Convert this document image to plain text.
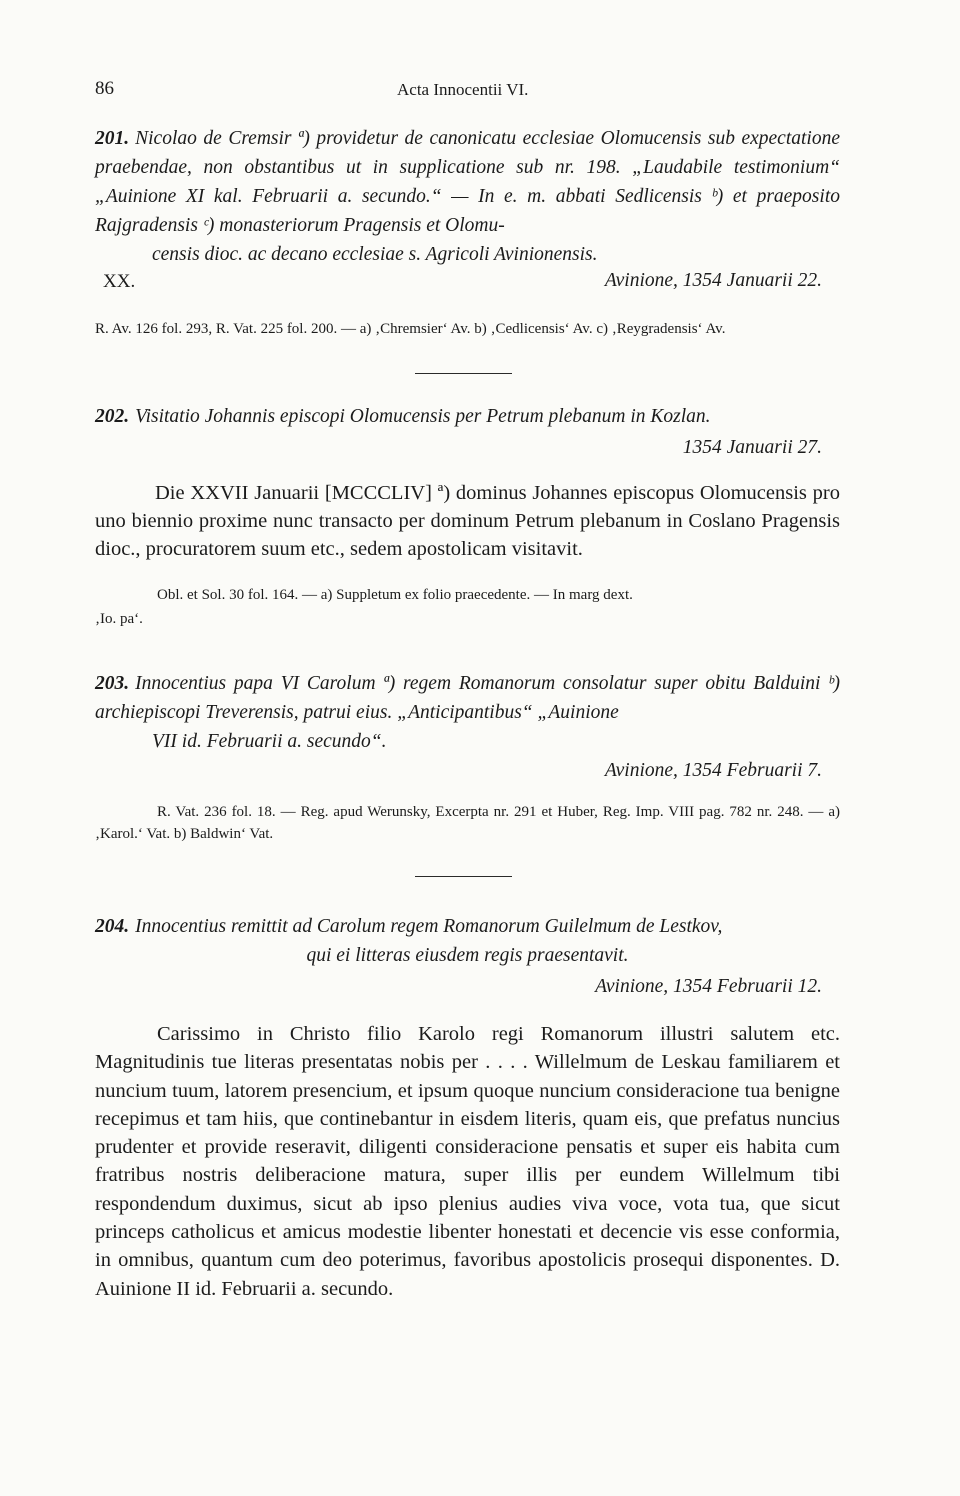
86	Acta Innocentii VI.
201. Nicolao de Cremsir ª) providetur de canonicatu ecclesiae Olomucensis sub expectatione praebendae, non obstantibus ut in supplicatione sub nr. 198. „Laudabile testimonium“ „Auinione XI kal. Februarii a. secundo.“ — In e. m. abbati Sedlicensis ᵇ) et praeposito Rajgradensis ᶜ) monasteriorum Pragensis et Olomu-
censis dioc. ac decano ecclesiae s. Agricoli Avinionensis.
XX.	Avinione, 1354 Januarii 22.
R. Av. 126 fol. 293, R. Vat. 225 fol. 200. — a) ‚Chremsier‘ Av. b) ‚Cedlicensis‘ Av. c) ‚Reygradensis‘ Av.
202. Visitatio Johannis episcopi Olomucensis per Petrum plebanum in Kozlan.
1354 Januarii 27.
Die XXVII Januarii [MCCCLIV] ª) dominus Johannes episcopus Olomucensis pro uno biennio proxime nunc transacto per dominum Petrum plebanum in Coslano Pragensis dioc., procuratorem suum etc., sedem apostolicam visitavit.
Obl. et Sol. 30 fol. 164. — a) Suppletum ex folio praecedente. — In marg dext.
‚Io. pa‘.
203. Innocentius papa VI Carolum ª) regem Romanorum consolatur super obitu Balduini ᵇ) archiepiscopi Treverensis, patrui eius. „Anticipantibus“ „Auinione
VII id. Februarii a. secundo“.
Avinione, 1354 Februarii 7.
R. Vat. 236 fol. 18. — Reg. apud Werunsky, Excerpta nr. 291 et Huber, Reg. Imp. VIII pag. 782 nr. 248. — a) ‚Karol.‘ Vat. b) Baldwin‘ Vat.
204. Innocentius remittit ad Carolum regem Romanorum Guilelmum de Lestkov,
qui ei litteras eiusdem regis praesentavit.
Avinione, 1354 Februarii 12.
Carissimo in Christo filio Karolo regi Romanorum illustri salutem etc. Magnitudinis tue literas presentatas nobis per . . . . Willelmum de Leskau familiarem et nuncium tuum, latorem presencium, et ipsum quoque nuncium consideracione tua benigne recepimus et tam hiis, que continebantur in eisdem literis, quam eis, que prefatus nuncius prudenter et provide reseravit, diligenti consideracione pensatis et super eis habita cum fratribus nostris deliberacione matura, super illis per eundem Willelmum tibi respondendum duximus, sicut ab ipso plenius audies viva voce, vota tua, que sicut princeps catholicus et amicus modestie libenter honestati et decencie vis esse conformia, in omnibus, quantum cum deo poterimus, favoribus apostolicis prosequi disponentes. D. Auinione II id. Februarii a. secundo.
